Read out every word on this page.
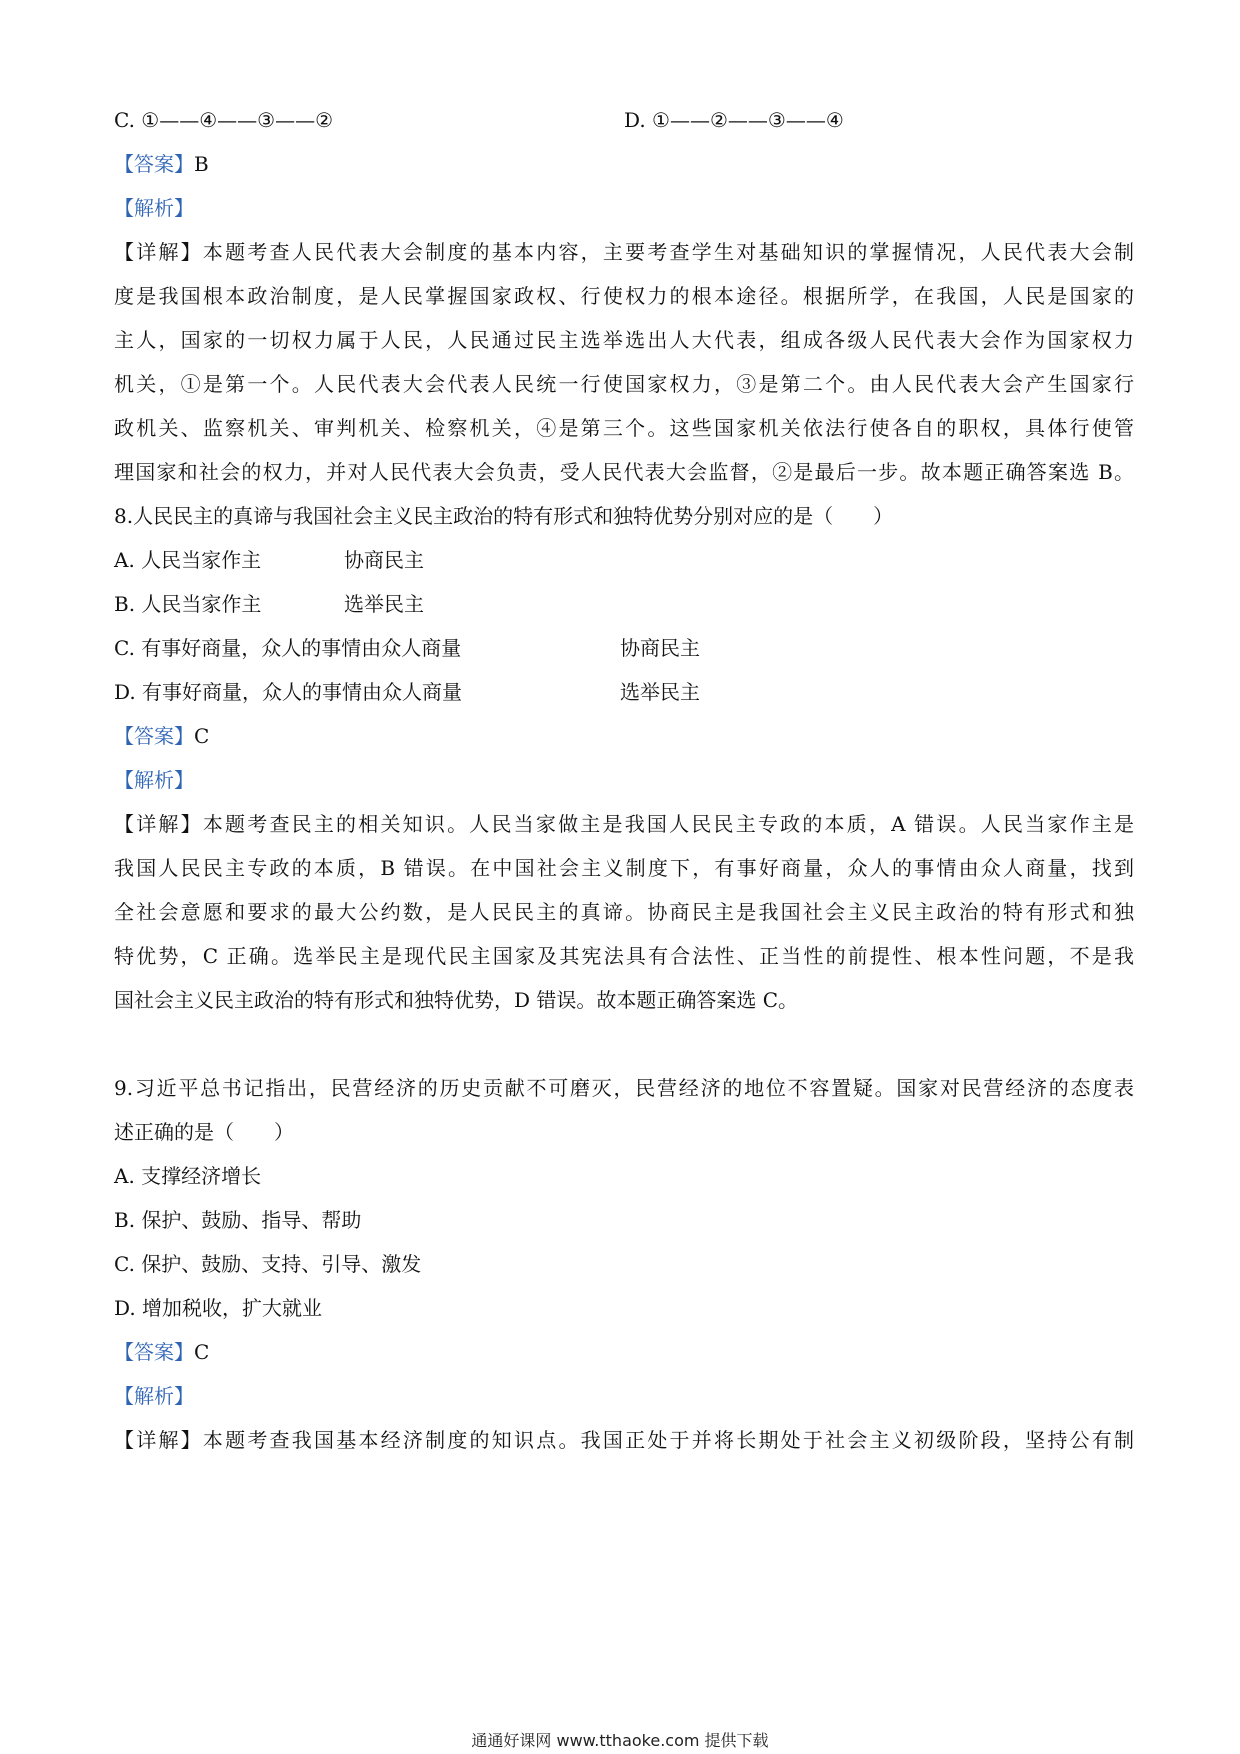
C. ①——④——③——②	D. ①——②——③——④
【答案】B
【解析】
【详解】本题考查人民代表大会制度的基本内容，主要考查学生对基础知识的掌握情况，人民代表大会制
度是我国根本政治制度，是人民掌握国家政权、行使权力的根本途径。根据所学，在我国，人民是国家的
主人，国家的一切权力属于人民，人民通过民主选举选出人大代表，组成各级人民代表大会作为国家权力
机关，①是第一个。人民代表大会代表人民统一行使国家权力，③是第二个。由人民代表大会产生国家行
政机关、监察机关、审判机关、检察机关，④是第三个。这些国家机关依法行使各自的职权，具体行使管
理国家和社会的权力，并对人民代表大会负责，受人民代表大会监督，②是最后一步。故本题正确答案选 B。
8.人民民主的真谛与我国社会主义民主政治的特有形式和独特优势分别对应的是（　　）
A. 人民当家作主	协商民主
B. 人民当家作主	选举民主
C. 有事好商量，众人的事情由众人商量	协商民主
D. 有事好商量，众人的事情由众人商量	选举民主
【答案】C
【解析】
【详解】本题考查民主的相关知识。人民当家做主是我国人民民主专政的本质，A 错误。人民当家作主是
我国人民民主专政的本质，B 错误。在中国社会主义制度下，有事好商量，众人的事情由众人商量，找到
全社会意愿和要求的最大公约数，是人民民主的真谛。协商民主是我国社会主义民主政治的特有形式和独
特优势，C 正确。选举民主是现代民主国家及其宪法具有合法性、正当性的前提性、根本性问题，不是我
国社会主义民主政治的特有形式和独特优势，D 错误。故本题正确答案选 C。
9.习近平总书记指出，民营经济的历史贡献不可磨灭，民营经济的地位不容置疑。国家对民营经济的态度表
述正确的是（　　）
A. 支撑经济增长
B. 保护、鼓励、指导、帮助
C. 保护、鼓励、支持、引导、激发
D. 增加税收，扩大就业
【答案】C
【解析】
【详解】本题考查我国基本经济制度的知识点。我国正处于并将长期处于社会主义初级阶段，坚持公有制
通通好课网 www.tthaoke.com 提供下载
